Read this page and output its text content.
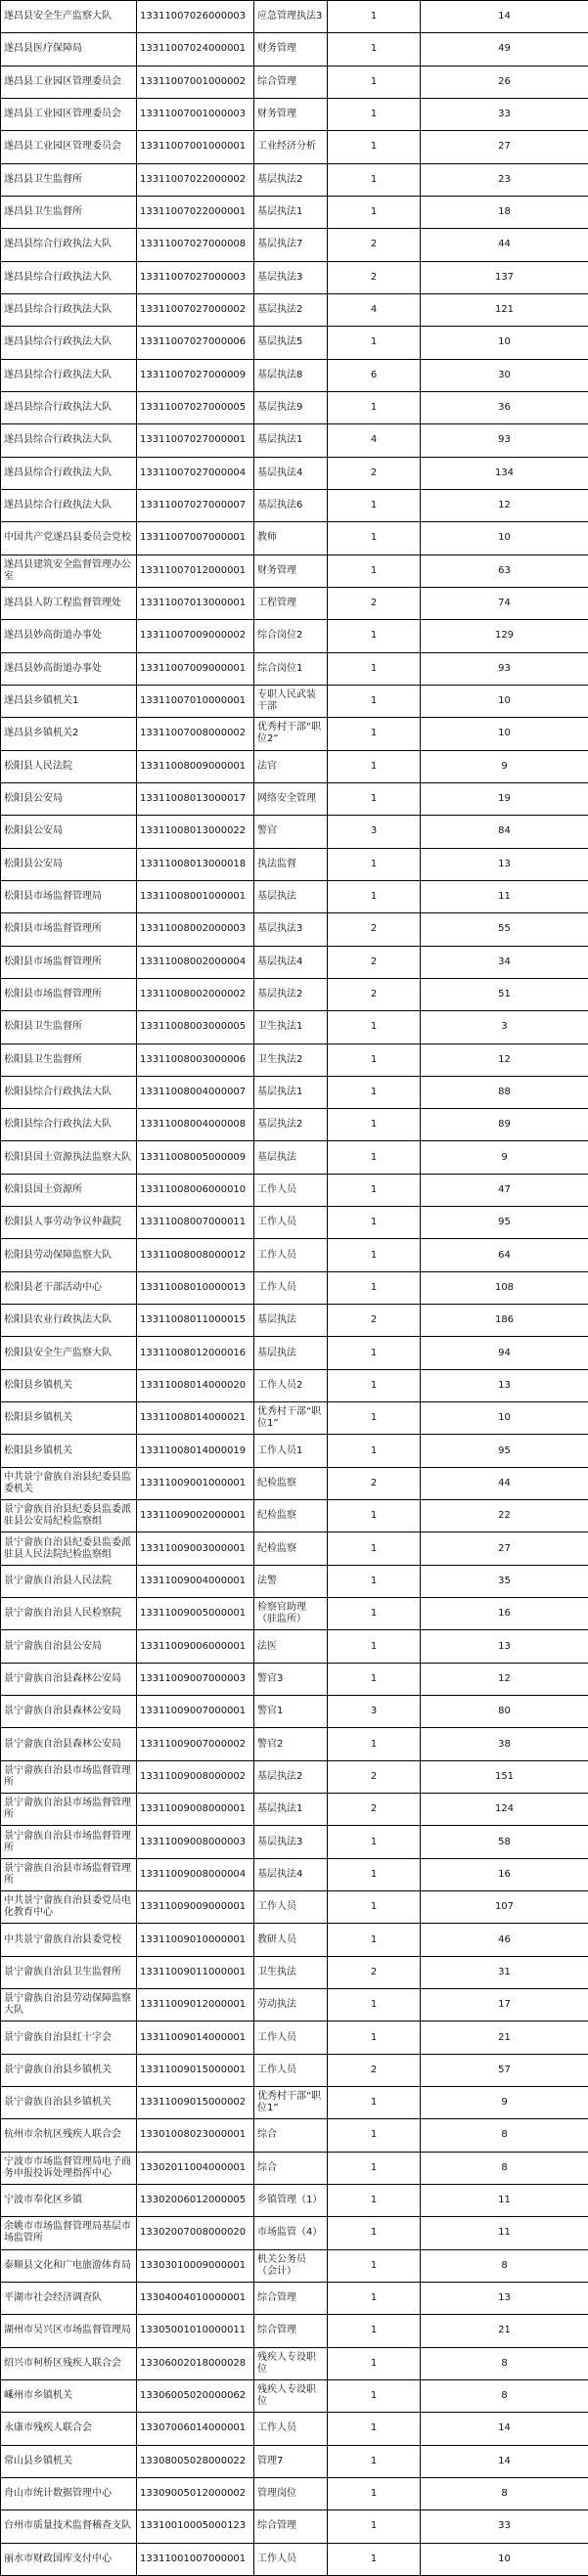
遂昌县安全生产监察大队	13311007026000003	应急管理执法3	1	14
遂昌县医疗保障局	13311007024000001	财务管理	1	49
遂昌县工业园区管理委员会	13311007001000002	综合管理	1	26
遂昌县工业园区管理委员会	13311007001000003	财务管理	1	33
遂昌县工业园区管理委员会	13311007001000001	工业经济分析	1	27
遂昌县卫生监督所	13311007022000002	基层执法2	1	23
遂昌县卫生监督所	13311007022000001	基层执法1	1	18
遂昌县综合行政执法大队	13311007027000008	基层执法7	2	44
遂昌县综合行政执法大队	13311007027000003	基层执法3	2	137
遂昌县综合行政执法大队	13311007027000002	基层执法2	4	121
遂昌县综合行政执法大队	13311007027000006	基层执法5	1	10
遂昌县综合行政执法大队	13311007027000009	基层执法8	6	30
遂昌县综合行政执法大队	13311007027000005	基层执法9	1	36
遂昌县综合行政执法大队	13311007027000001	基层执法1	4	93
遂昌县综合行政执法大队	13311007027000004	基层执法4	2	134
遂昌县综合行政执法大队	13311007027000007	基层执法6	1	12
中国共产党遂昌县委员会党校	13311007007000001	教师	1	10
遂昌县建筑安全监督管理办公室	13311007012000001	财务管理	1	63
遂昌县人防工程监督管理处	13311007013000001	工程管理	2	74
遂昌县妙高街道办事处	13311007009000002	综合岗位2	1	129
遂昌县妙高街道办事处	13311007009000001	综合岗位1	1	93
遂昌县乡镇机关1	13311007010000001	专职人民武装干部	1	10
遂昌县乡镇机关2	13311007008000002	优秀村干部“职位2”	1	10
松阳县人民法院	13311008009000001	法官	1	9
松阳县公安局	13311008013000017	网络安全管理	1	19
松阳县公安局	13311008013000022	警官	3	84
松阳县公安局	13311008013000018	执法监督	1	13
松阳县市场监督管理局	13311008001000001	基层执法	1	11
松阳县市场监督管理所	13311008002000003	基层执法3	2	55
松阳县市场监督管理所	13311008002000004	基层执法4	2	34
松阳县市场监督管理所	13311008002000002	基层执法2	2	51
松阳县卫生监督所	13311008003000005	卫生执法1	1	3
松阳县卫生监督所	13311008003000006	卫生执法2	1	12
松阳县综合行政执法大队	13311008004000007	基层执法1	1	88
松阳县综合行政执法大队	13311008004000008	基层执法2	1	89
松阳县国土资源执法监察大队	13311008005000009	基层执法	1	9
松阳县国土资源所	13311008006000010	工作人员	1	47
松阳县人事劳动争议仲裁院	13311008007000011	工作人员	1	95
松阳县劳动保障监察大队	13311008008000012	工作人员	1	64
松阳县老干部活动中心	13311008010000013	工作人员	1	108
松阳县农业行政执法大队	13311008011000015	基层执法	2	186
松阳县安全生产监察大队	13311008012000016	基层执法	1	94
松阳县乡镇机关	13311008014000020	工作人员2	1	13
松阳县乡镇机关	13311008014000021	优秀村干部“职位1”	1	10
松阳县乡镇机关	13311008014000019	工作人员1	1	95
中共景宁畲族自治县纪委县监委机关	13311009001000001	纪检监察	2	44
景宁畲族自治县纪委县监委派驻县公安局纪检监察组	13311009002000001	纪检监察	1	22
景宁畲族自治县纪委县监委派驻县人民法院纪检监察组	13311009003000001	纪检监察	1	27
景宁畲族自治县人民法院	13311009004000001	法警	1	35
景宁畲族自治县人民检察院	13311009005000001	检察官助理（驻监所）	1	16
景宁畲族自治县公安局	13311009006000001	法医	1	13
景宁畲族自治县森林公安局	13311009007000003	警官3	1	12
景宁畲族自治县森林公安局	13311009007000001	警官1	3	80
景宁畲族自治县森林公安局	13311009007000002	警官2	1	38
景宁畲族自治县市场监督管理所	13311009008000002	基层执法2	2	151
景宁畲族自治县市场监督管理所	13311009008000001	基层执法1	2	124
景宁畲族自治县市场监督管理所	13311009008000003	基层执法3	1	58
景宁畲族自治县市场监督管理所	13311009008000004	基层执法4	1	16
中共景宁畲族自治县委党员电化教育中心	13311009009000001	工作人员	1	107
中共景宁畲族自治县委党校	13311009010000001	教研人员	1	46
景宁畲族自治县卫生监督所	13311009011000001	卫生执法	2	31
景宁畲族自治县劳动保障监察大队	13311009012000001	劳动执法	1	17
景宁畲族自治县红十字会	13311009014000001	工作人员	1	21
景宁畲族自治县乡镇机关	13311009015000001	工作人员	2	57
景宁畲族自治县乡镇机关	13311009015000002	优秀村干部“职位1”	1	9
杭州市余杭区残疾人联合会	13301008023000001	综合	1	8
宁波市市场监督管理局电子商务申报投诉处理指挥中心	13302011004000001	综合	1	8
宁波市奉化区乡镇	13302006012000005	乡镇管理（1）	1	11
余姚市市场监督管理局基层市场监管所	13302007008000020	市场监管（4）	1	11
泰顺县文化和广电旅游体育局	13303010009000001	机关公务员（会计）	1	8
平湖市社会经济调查队	13304004010000001	综合管理	1	13
湖州市吴兴区市场监督管理局	13305001010000011	综合管理	1	21
绍兴市柯桥区残疾人联合会	13306002018000028	残疾人专设职位	1	8
嵊州市乡镇机关	13306005020000062	残疾人专设职位	1	8
永康市残疾人联合会	13307006014000001	工作人员	1	14
常山县乡镇机关	13308005028000022	管理7	1	14
舟山市统计数据管理中心	13309005012000002	管理岗位	1	8
台州市质量技术监督稽查支队	13310010005000123	综合管理	1	33
丽水市财政国库支付中心	13311001007000001	工作人员	1	10
